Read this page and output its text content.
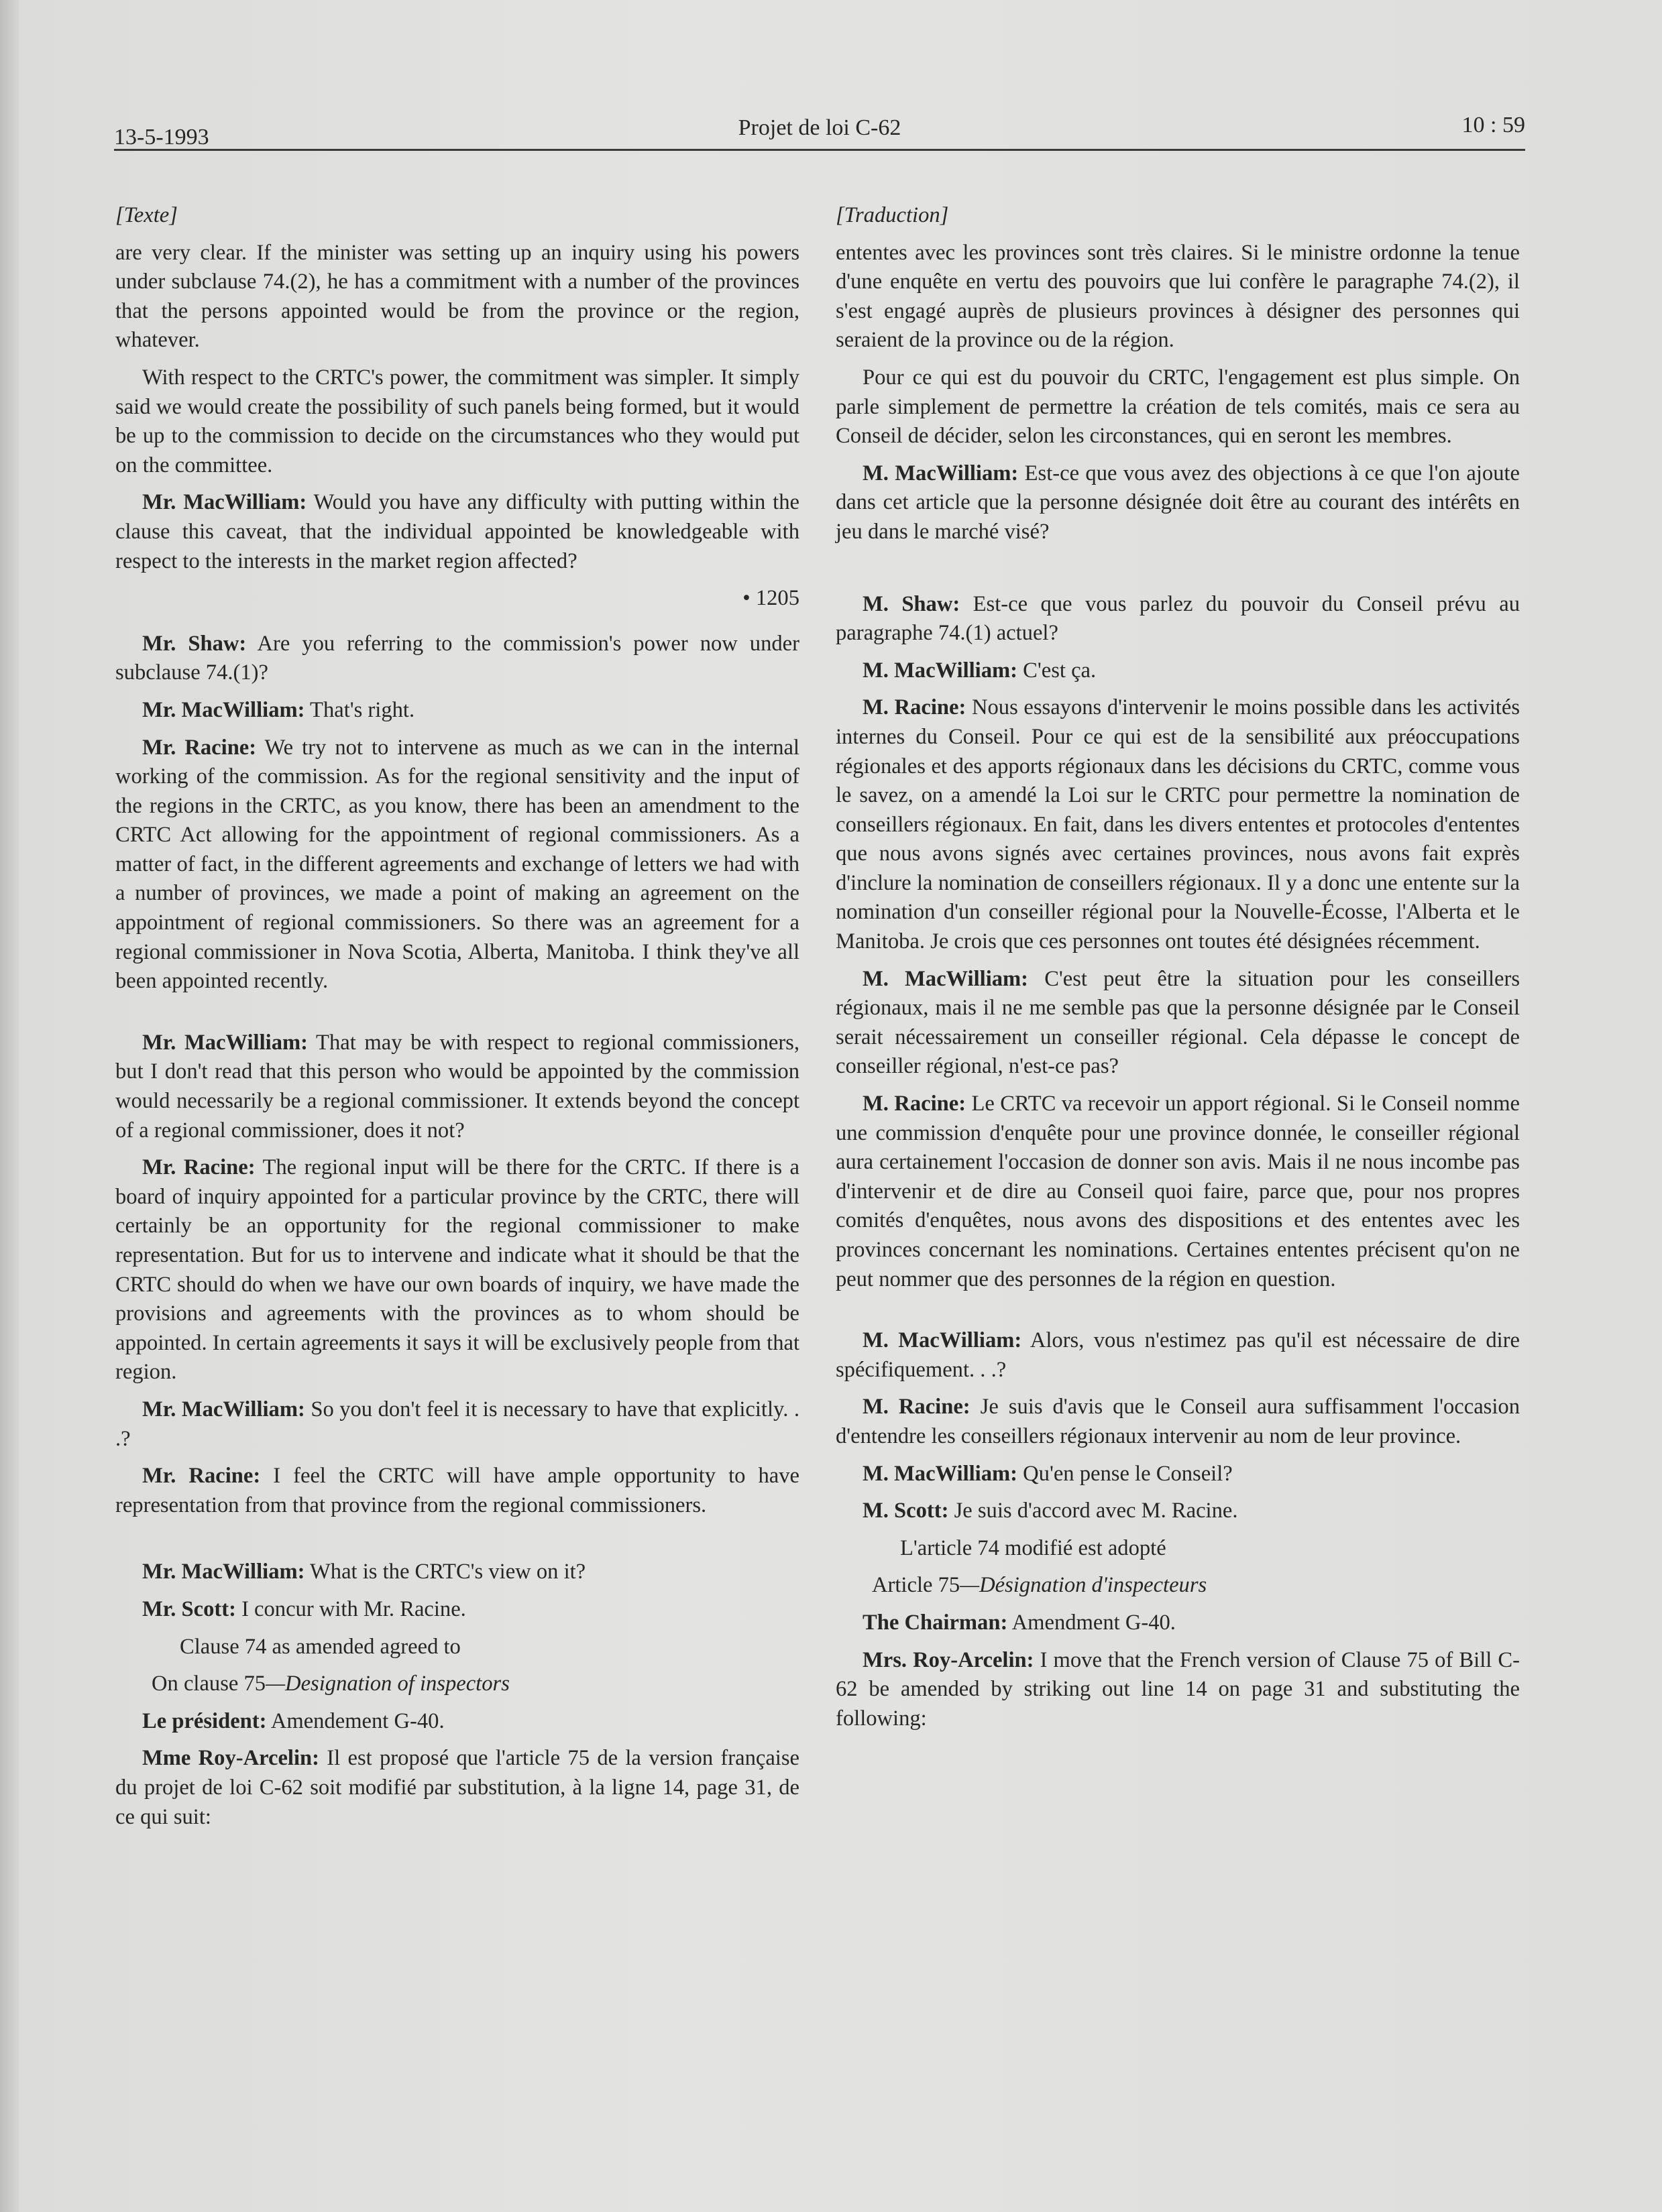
13-5-1993	Projet de loi C-62	10 : 59

[Texte]

are very clear. If the minister was setting up an inquiry using his powers under subclause 74.(2), he has a commitment with a number of the provinces that the persons appointed would be from the province or the region, whatever.

With respect to the CRTC's power, the commitment was simpler. It simply said we would create the possibility of such panels being formed, but it would be up to the commission to decide on the circumstances who they would put on the committee.

Mr. MacWilliam: Would you have any difficulty with putting within the clause this caveat, that the individual appointed be knowledgeable with respect to the interests in the market region affected?

• 1205

Mr. Shaw: Are you referring to the commission's power now under subclause 74.(1)?

Mr. MacWilliam: That's right.

Mr. Racine: We try not to intervene as much as we can in the internal working of the commission. As for the regional sensitivity and the input of the regions in the CRTC, as you know, there has been an amendment to the CRTC Act allowing for the appointment of regional commissioners. As a matter of fact, in the different agreements and exchange of letters we had with a number of provinces, we made a point of making an agreement on the appointment of regional commissioners. So there was an agreement for a regional commissioner in Nova Scotia, Alberta, Manitoba. I think they've all been appointed recently.

Mr. MacWilliam: That may be with respect to regional commissioners, but I don't read that this person who would be appointed by the commission would necessarily be a regional commissioner. It extends beyond the concept of a regional commissioner, does it not?

Mr. Racine: The regional input will be there for the CRTC. If there is a board of inquiry appointed for a particular province by the CRTC, there will certainly be an opportunity for the regional commissioner to make representation. But for us to intervene and indicate what it should be that the CRTC should do when we have our own boards of inquiry, we have made the provisions and agreements with the provinces as to whom should be appointed. In certain agreements it says it will be exclusively people from that region.

Mr. MacWilliam: So you don't feel it is necessary to have that explicitly. . .?

Mr. Racine: I feel the CRTC will have ample opportunity to have representation from that province from the regional commissioners.

Mr. MacWilliam: What is the CRTC's view on it?

Mr. Scott: I concur with Mr. Racine.

Clause 74 as amended agreed to

On clause 75—Designation of inspectors

Le président: Amendement G-40.

Mme Roy-Arcelin: Il est proposé que l'article 75 de la version française du projet de loi C-62 soit modifié par substitution, à la ligne 14, page 31, de ce qui suit:

[Traduction]

ententes avec les provinces sont très claires. Si le ministre ordonne la tenue d'une enquête en vertu des pouvoirs que lui confère le paragraphe 74.(2), il s'est engagé auprès de plusieurs provinces à désigner des personnes qui seraient de la province ou de la région.

Pour ce qui est du pouvoir du CRTC, l'engagement est plus simple. On parle simplement de permettre la création de tels comités, mais ce sera au Conseil de décider, selon les circonstances, qui en seront les membres.

M. MacWilliam: Est-ce que vous avez des objections à ce que l'on ajoute dans cet article que la personne désignée doit être au courant des intérêts en jeu dans le marché visé?

M. Shaw: Est-ce que vous parlez du pouvoir du Conseil prévu au paragraphe 74.(1) actuel?

M. MacWilliam: C'est ça.

M. Racine: Nous essayons d'intervenir le moins possible dans les activités internes du Conseil. Pour ce qui est de la sensibilité aux préoccupations régionales et des apports régionaux dans les décisions du CRTC, comme vous le savez, on a amendé la Loi sur le CRTC pour permettre la nomination de conseillers régionaux. En fait, dans les divers ententes et protocoles d'ententes que nous avons signés avec certaines provinces, nous avons fait exprès d'inclure la nomination de conseillers régionaux. Il y a donc une entente sur la nomination d'un conseiller régional pour la Nouvelle-Écosse, l'Alberta et le Manitoba. Je crois que ces personnes ont toutes été désignées récemment.

M. MacWilliam: C'est peut être la situation pour les conseillers régionaux, mais il ne me semble pas que la personne désignée par le Conseil serait nécessairement un conseiller régional. Cela dépasse le concept de conseiller régional, n'est-ce pas?

M. Racine: Le CRTC va recevoir un apport régional. Si le Conseil nomme une commission d'enquête pour une province donnée, le conseiller régional aura certainement l'occasion de donner son avis. Mais il ne nous incombe pas d'intervenir et de dire au Conseil quoi faire, parce que, pour nos propres comités d'enquêtes, nous avons des dispositions et des ententes avec les provinces concernant les nominations. Certaines ententes précisent qu'on ne peut nommer que des personnes de la région en question.

M. MacWilliam: Alors, vous n'estimez pas qu'il est nécessaire de dire spécifiquement. . .?

M. Racine: Je suis d'avis que le Conseil aura suffisamment l'occasion d'entendre les conseillers régionaux intervenir au nom de leur province.

M. MacWilliam: Qu'en pense le Conseil?

M. Scott: Je suis d'accord avec M. Racine.

L'article 74 modifié est adopté

Article 75—Désignation d'inspecteurs

The Chairman: Amendment G-40.

Mrs. Roy-Arcelin: I move that the French version of Clause 75 of Bill C-62 be amended by striking out line 14 on page 31 and substituting the following:
